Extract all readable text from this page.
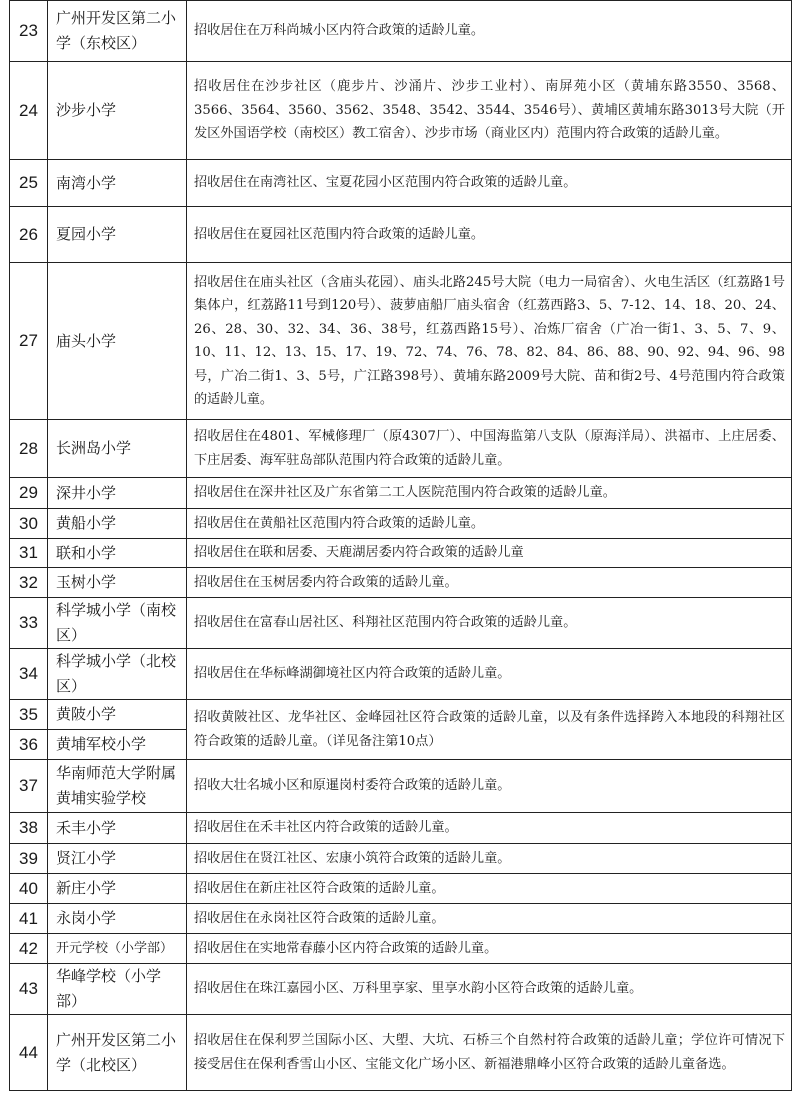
23	广州开发区第二小学（东校区）	招收居住在万科尚城小区内符合政策的适龄儿童。
24	沙步小学	招收居住在沙步社区（鹿步片、沙涌片、沙步工业村）、南屏苑小区（黄埔东路3550、3568、3566、3564、3560、3562、3548、3542、3544、3546号）、黄埔区黄埔东路3013号大院（开发区外国语学校（南校区）教工宿舍）、沙步市场（商业区内）范围内符合政策的适龄儿童。
25	南湾小学	招收居住在南湾社区、宝夏花园小区范围内符合政策的适龄儿童。
26	夏园小学	招收居住在夏园社区范围内符合政策的适龄儿童。
27	庙头小学	招收居住在庙头社区（含庙头花园）、庙头北路245号大院（电力一局宿舍）、火电生活区（红荔路1号集体户，红荔路11号到120号）、菠萝庙船厂庙头宿舍（红荔西路3、5、7-12、14、18、20、24、26、28、30、32、34、36、38号，红荔西路15号）、冶炼厂宿舍（广冶一街1、3、5、7、9、10、11、12、13、15、17、19、72、74、76、78、82、84、86、88、90、92、94、96、98号，广冶二街1、3、5号，广江路398号）、黄埔东路2009号大院、苗和街2号、4号范围内符合政策的适龄儿童。
28	长洲岛小学	招收居住在4801、军械修理厂（原4307厂）、中国海监第八支队（原海洋局）、洪福市、上庄居委、下庄居委、海军驻岛部队范围内符合政策的适龄儿童。
29	深井小学	招收居住在深井社区及广东省第二工人医院范围内符合政策的适龄儿童。
30	黄船小学	招收居住在黄船社区范围内符合政策的适龄儿童。
31	联和小学	招收居住在联和居委、天鹿湖居委内符合政策的适龄儿童
32	玉树小学	招收居住在玉树居委内符合政策的适龄儿童。
33	科学城小学（南校区）	招收居住在富春山居社区、科翔社区范围内符合政策的适龄儿童。
34	科学城小学（北校区）	招收居住在华标峰湖御境社区内符合政策的适龄儿童。
35	黄陂小学	招收黄陂社区、龙华社区、金峰园社区符合政策的适龄儿童，以及有条件选择跨入本地段的科翔社区符合政策的适龄儿童。（详见备注第10点）
36	黄埔军校小学	
37	华南师范大学附属黄埔实验学校	招收大壮名城小区和原暹岗村委符合政策的适龄儿童。
38	禾丰小学	招收居住在禾丰社区内符合政策的适龄儿童。
39	贤江小学	招收居住在贤江社区、宏康小筑符合政策的适龄儿童。
40	新庄小学	招收居住在新庄社区符合政策的适龄儿童。
41	永岗小学	招收居住在永岗社区符合政策的适龄儿童。
42	开元学校（小学部）	招收居住在实地常春藤小区内符合政策的适龄儿童。
43	华峰学校（小学部）	招收居住在珠江嘉园小区、万科里享家、里享水韵小区符合政策的适龄儿童。
44	广州开发区第二小学（北校区）	招收居住在保利罗兰国际小区、大塱、大坑、石桥三个自然村符合政策的适龄儿童；学位许可情况下接受居住在保利香雪山小区、宝能文化广场小区、新福港鼎峰小区符合政策的适龄儿童备选。
